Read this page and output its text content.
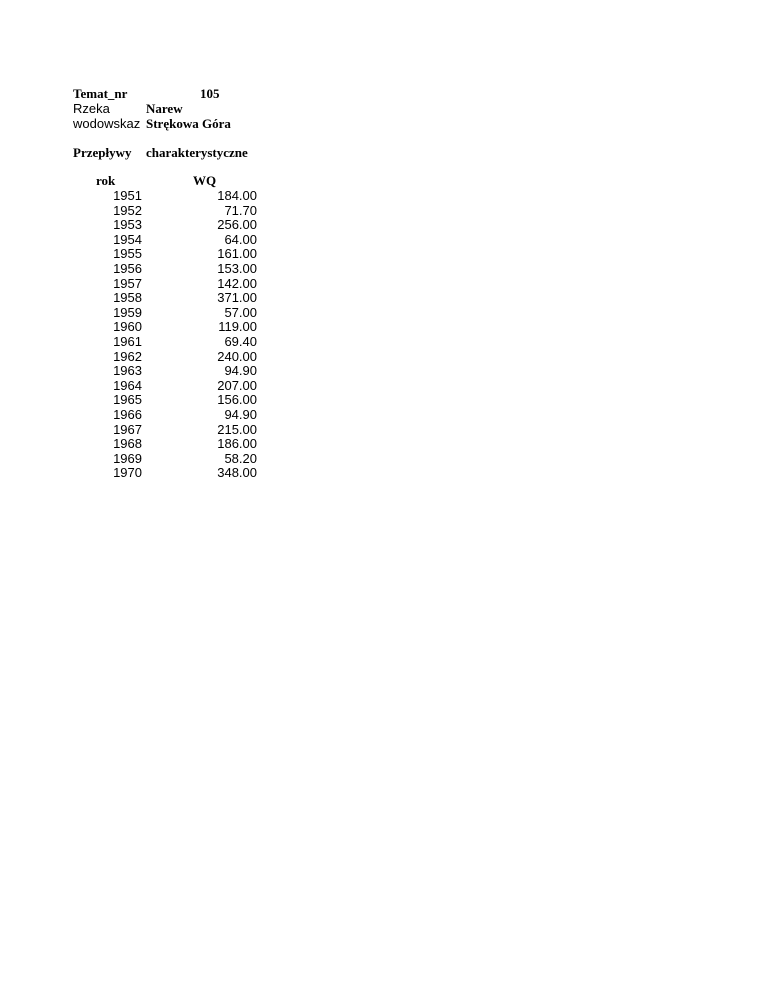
Temat_nr	105
Rzeka	Narew
wodowskaz Strękowa Góra
Przepływy charakterystyczne
rok	WQ
1951	184.00
1952	71.70
1953	256.00
1954	64.00
1955	161.00
1956	153.00
1957	142.00
1958	371.00
1959	57.00
1960	119.00
1961	69.40
1962	240.00
1963	94.90
1964	207.00
1965	156.00
1966	94.90
1967	215.00
1968	186.00
1969	58.20
1970	348.00
